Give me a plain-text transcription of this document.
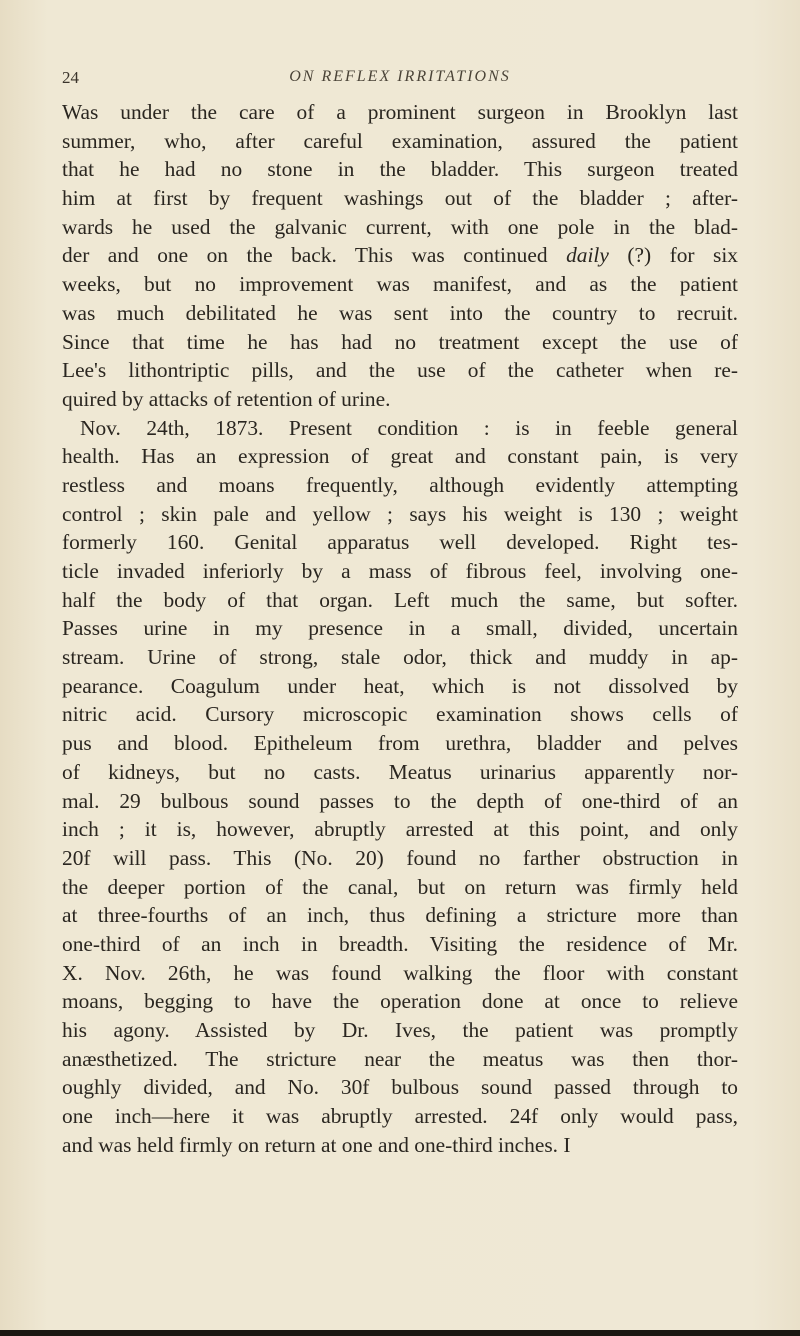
24	ON REFLEX IRRITATIONS
Was under the care of a prominent surgeon in Brooklyn last
summer, who, after careful examination, assured the patient
that he had no stone in the bladder. This surgeon treated
him at first by frequent washings out of the bladder ; after-
wards he used the galvanic current, with one pole in the blad-
der and one on the back. This was continued daily (?) for six
weeks, but no improvement was manifest, and as the patient
was much debilitated he was sent into the country to recruit.
Since that time he has had no treatment except the use of
Lee's lithontriptic pills, and the use of the catheter when re-
quired by attacks of retention of urine.
Nov. 24th, 1873. Present condition : is in feeble general
health. Has an expression of great and constant pain, is very
restless and moans frequently, although evidently attempting
control ; skin pale and yellow ; says his weight is 130 ; weight
formerly 160. Genital apparatus well developed. Right tes-
ticle invaded inferiorly by a mass of fibrous feel, involving one-
half the body of that organ. Left much the same, but softer.
Passes urine in my presence in a small, divided, uncertain
stream. Urine of strong, stale odor, thick and muddy in ap-
pearance. Coagulum under heat, which is not dissolved by
nitric acid. Cursory microscopic examination shows cells of
pus and blood. Epitheleum from urethra, bladder and pelves
of kidneys, but no casts. Meatus urinarius apparently nor-
mal. 29 bulbous sound passes to the depth of one-third of an
inch ; it is, however, abruptly arrested at this point, and only
20f will pass. This (No. 20) found no farther obstruction in
the deeper portion of the canal, but on return was firmly held
at three-fourths of an inch, thus defining a stricture more than
one-third of an inch in breadth. Visiting the residence of Mr.
X. Nov. 26th, he was found walking the floor with constant
moans, begging to have the operation done at once to relieve
his agony. Assisted by Dr. Ives, the patient was promptly
anæsthetized. The stricture near the meatus was then thor-
oughly divided, and No. 30f bulbous sound passed through to
one inch—here it was abruptly arrested. 24f only would pass,
and was held firmly on return at one and one-third inches. I
